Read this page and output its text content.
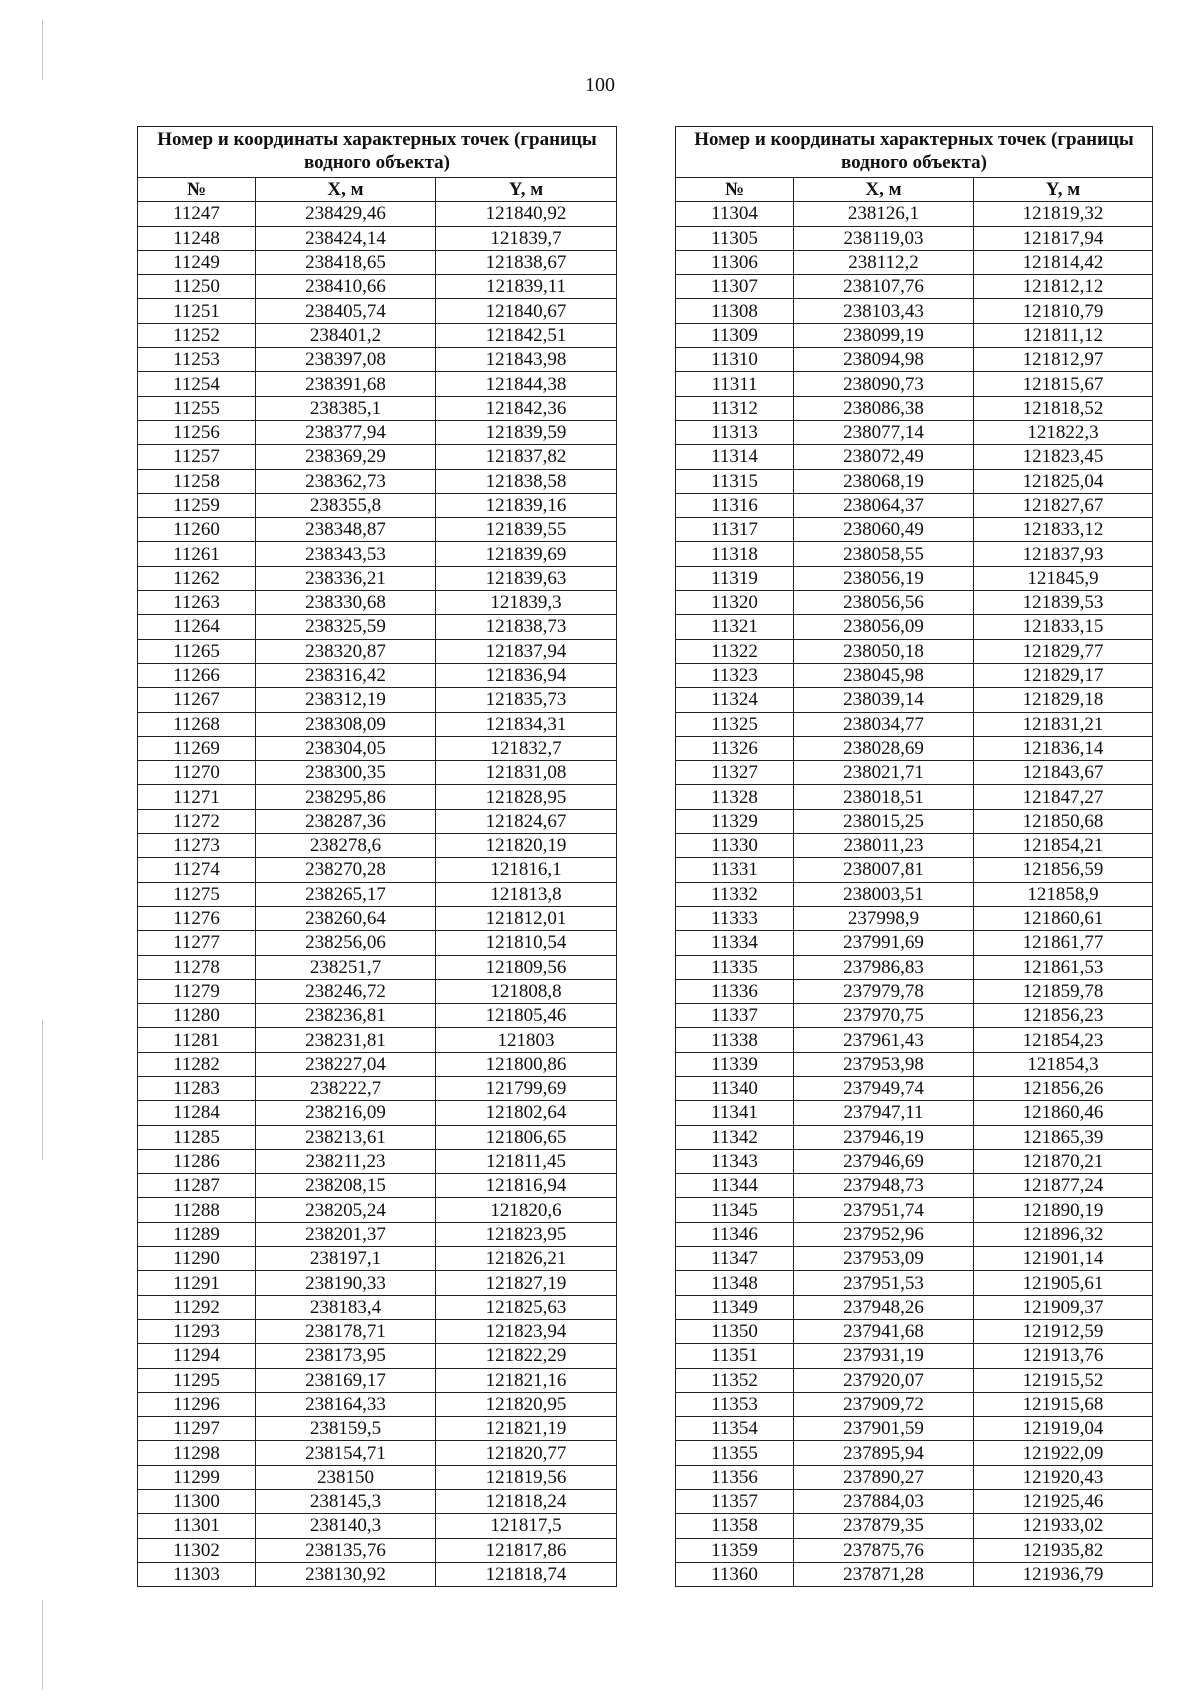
100
Номер и координаты характерных точек (границы водного объекта)		
№	X, м	Y, м
11247	238429,46	121840,92
11248	238424,14	121839,7
11249	238418,65	121838,67
11250	238410,66	121839,11
11251	238405,74	121840,67
11252	238401,2	121842,51
11253	238397,08	121843,98
11254	238391,68	121844,38
11255	238385,1	121842,36
11256	238377,94	121839,59
11257	238369,29	121837,82
11258	238362,73	121838,58
11259	238355,8	121839,16
11260	238348,87	121839,55
11261	238343,53	121839,69
11262	238336,21	121839,63
11263	238330,68	121839,3
11264	238325,59	121838,73
11265	238320,87	121837,94
11266	238316,42	121836,94
11267	238312,19	121835,73
11268	238308,09	121834,31
11269	238304,05	121832,7
11270	238300,35	121831,08
11271	238295,86	121828,95
11272	238287,36	121824,67
11273	238278,6	121820,19
11274	238270,28	121816,1
11275	238265,17	121813,8
11276	238260,64	121812,01
11277	238256,06	121810,54
11278	238251,7	121809,56
11279	238246,72	121808,8
11280	238236,81	121805,46
11281	238231,81	121803
11282	238227,04	121800,86
11283	238222,7	121799,69
11284	238216,09	121802,64
11285	238213,61	121806,65
11286	238211,23	121811,45
11287	238208,15	121816,94
11288	238205,24	121820,6
11289	238201,37	121823,95
11290	238197,1	121826,21
11291	238190,33	121827,19
11292	238183,4	121825,63
11293	238178,71	121823,94
11294	238173,95	121822,29
11295	238169,17	121821,16
11296	238164,33	121820,95
11297	238159,5	121821,19
11298	238154,71	121820,77
11299	238150	121819,56
11300	238145,3	121818,24
11301	238140,3	121817,5
11302	238135,76	121817,86
11303	238130,92	121818,74
Номер и координаты характерных точек (границы водного объекта)		
№	X, м	Y, м
11304	238126,1	121819,32
11305	238119,03	121817,94
11306	238112,2	121814,42
11307	238107,76	121812,12
11308	238103,43	121810,79
11309	238099,19	121811,12
11310	238094,98	121812,97
11311	238090,73	121815,67
11312	238086,38	121818,52
11313	238077,14	121822,3
11314	238072,49	121823,45
11315	238068,19	121825,04
11316	238064,37	121827,67
11317	238060,49	121833,12
11318	238058,55	121837,93
11319	238056,19	121845,9
11320	238056,56	121839,53
11321	238056,09	121833,15
11322	238050,18	121829,77
11323	238045,98	121829,17
11324	238039,14	121829,18
11325	238034,77	121831,21
11326	238028,69	121836,14
11327	238021,71	121843,67
11328	238018,51	121847,27
11329	238015,25	121850,68
11330	238011,23	121854,21
11331	238007,81	121856,59
11332	238003,51	121858,9
11333	237998,9	121860,61
11334	237991,69	121861,77
11335	237986,83	121861,53
11336	237979,78	121859,78
11337	237970,75	121856,23
11338	237961,43	121854,23
11339	237953,98	121854,3
11340	237949,74	121856,26
11341	237947,11	121860,46
11342	237946,19	121865,39
11343	237946,69	121870,21
11344	237948,73	121877,24
11345	237951,74	121890,19
11346	237952,96	121896,32
11347	237953,09	121901,14
11348	237951,53	121905,61
11349	237948,26	121909,37
11350	237941,68	121912,59
11351	237931,19	121913,76
11352	237920,07	121915,52
11353	237909,72	121915,68
11354	237901,59	121919,04
11355	237895,94	121922,09
11356	237890,27	121920,43
11357	237884,03	121925,46
11358	237879,35	121933,02
11359	237875,76	121935,82
11360	237871,28	121936,79
